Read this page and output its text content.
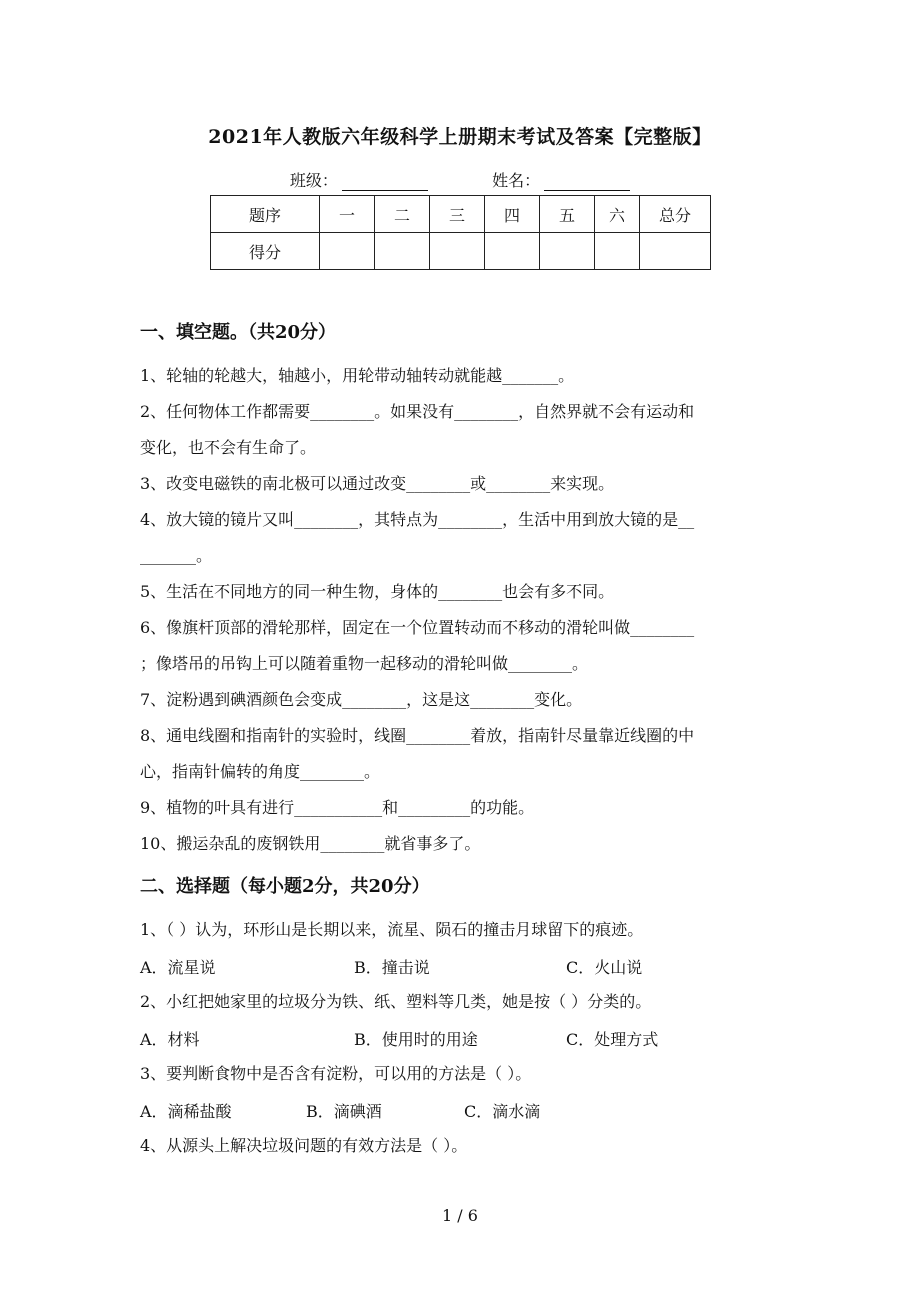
2021年人教版六年级科学上册期末考试及答案【完整版】
班级：	姓名：
题序	一	二	三	四	五	六	总分
得分							
一、填空题。（共20分）
1、轮轴的轮越大，轴越小，用轮带动轴转动就能越_______。
2、任何物体工作都需要________。如果没有________，自然界就不会有运动和
变化，也不会有生命了。
3、改变电磁铁的南北极可以通过改变________或________来实现。
4、放大镜的镜片又叫________，其特点为________，生活中用到放大镜的是__
_______。
5、生活在不同地方的同一种生物，身体的________也会有多不同。
6、像旗杆顶部的滑轮那样，固定在一个位置转动而不移动的滑轮叫做________
；像塔吊的吊钩上可以随着重物一起移动的滑轮叫做________。
7、淀粉遇到碘酒颜色会变成________，这是这________变化。
8、通电线圈和指南针的实验时，线圈________着放，指南针尽量靠近线圈的中
心，指南针偏转的角度________。
9、植物的叶具有进行___________和_________的功能。
10、搬运杂乱的废钢铁用________就省事多了。
二、选择题（每小题2分，共20分）
1、（ ）认为，环形山是长期以来，流星、陨石的撞击月球留下的痕迹。
A．流星说	B．撞击说	C．火山说
2、小红把她家里的垃圾分为铁、纸、塑料等几类，她是按（ ）分类的。
A．材料	B．使用时的用途	C．处理方式
3、要判断食物中是否含有淀粉，可以用的方法是（ ）。
A．滴稀盐酸	B．滴碘酒	C．滴水滴
4、从源头上解决垃圾问题的有效方法是（ ）。
1 / 6
